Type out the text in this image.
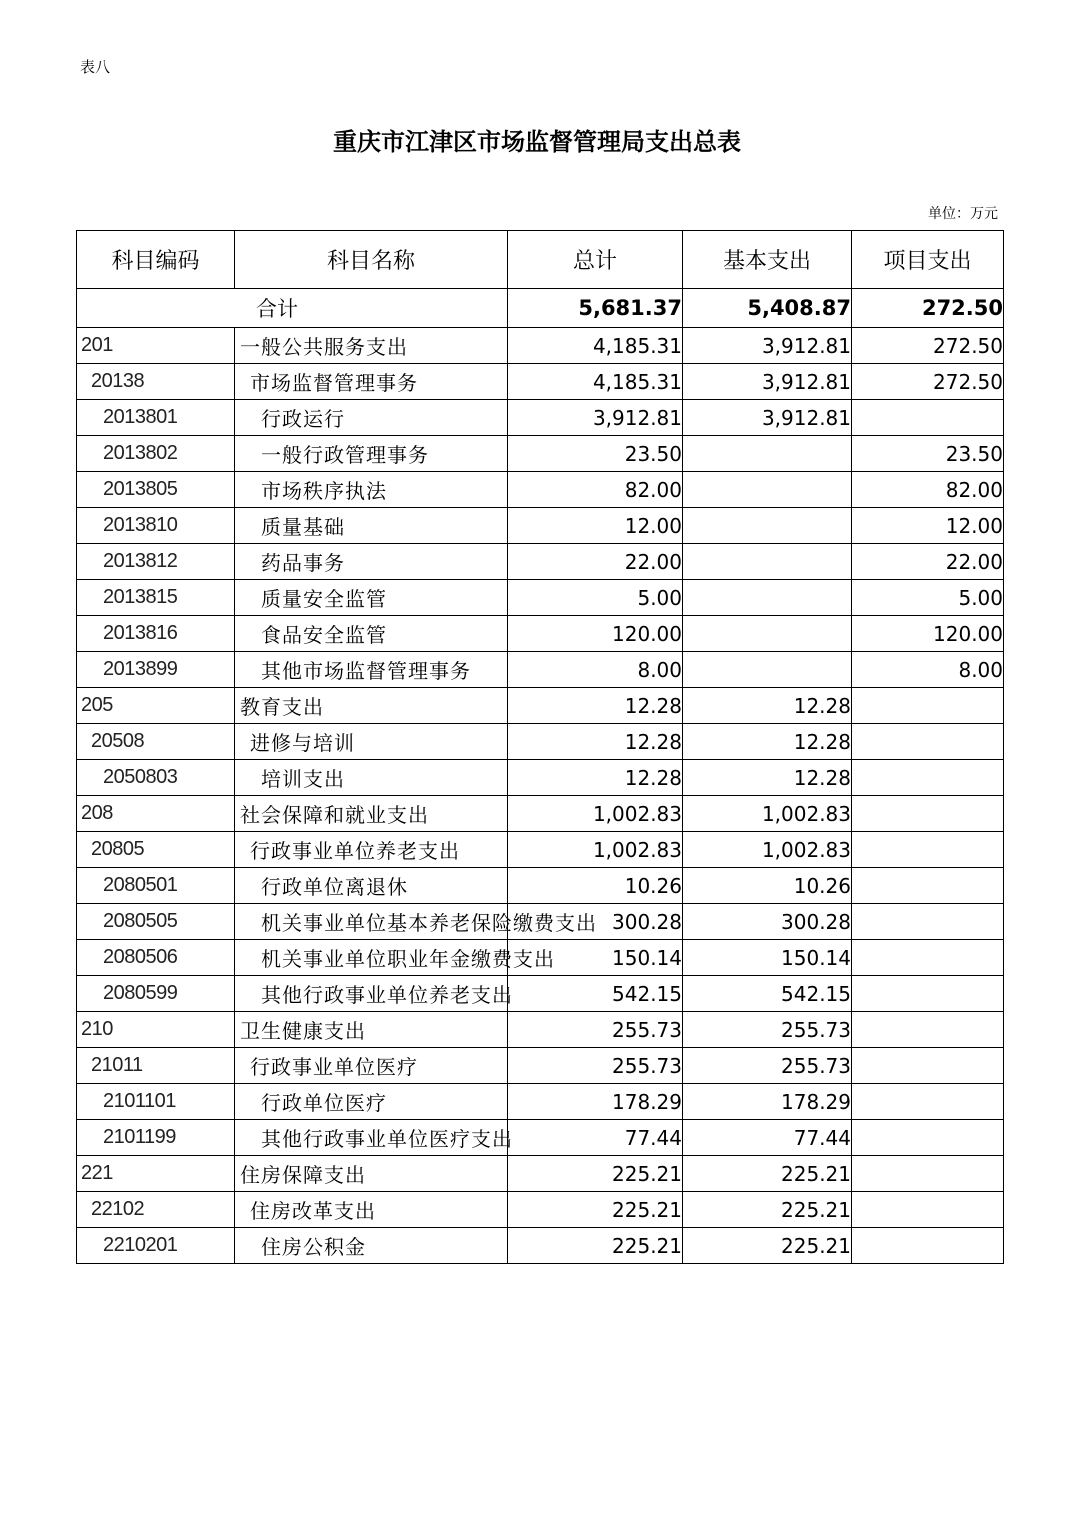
表八
重庆市江津区市场监督管理局支出总表
单位：万元
科目编码	科目名称	总计	基本支出	项目支出
合计		5,681.37	5,408.87	272.50
201	一般公共服务支出	4,185.31	3,912.81	272.50
20138	市场监督管理事务	4,185.31	3,912.81	272.50
2013801	行政运行	3,912.81	3,912.81	
2013802	一般行政管理事务	23.50		23.50
2013805	市场秩序执法	82.00		82.00
2013810	质量基础	12.00		12.00
2013812	药品事务	22.00		22.00
2013815	质量安全监管	5.00		5.00
2013816	食品安全监管	120.00		120.00
2013899	其他市场监督管理事务	8.00		8.00
205	教育支出	12.28	12.28	
20508	进修与培训	12.28	12.28	
2050803	培训支出	12.28	12.28	
208	社会保障和就业支出	1,002.83	1,002.83	
20805	行政事业单位养老支出	1,002.83	1,002.83	
2080501	行政单位离退休	10.26	10.26	
2080505	机关事业单位基本养老保险缴费支出	300.28	300.28	
2080506	机关事业单位职业年金缴费支出	150.14	150.14	
2080599	其他行政事业单位养老支出	542.15	542.15	
210	卫生健康支出	255.73	255.73	
21011	行政事业单位医疗	255.73	255.73	
2101101	行政单位医疗	178.29	178.29	
2101199	其他行政事业单位医疗支出	77.44	77.44	
221	住房保障支出	225.21	225.21	
22102	住房改革支出	225.21	225.21	
2210201	住房公积金	225.21	225.21	
